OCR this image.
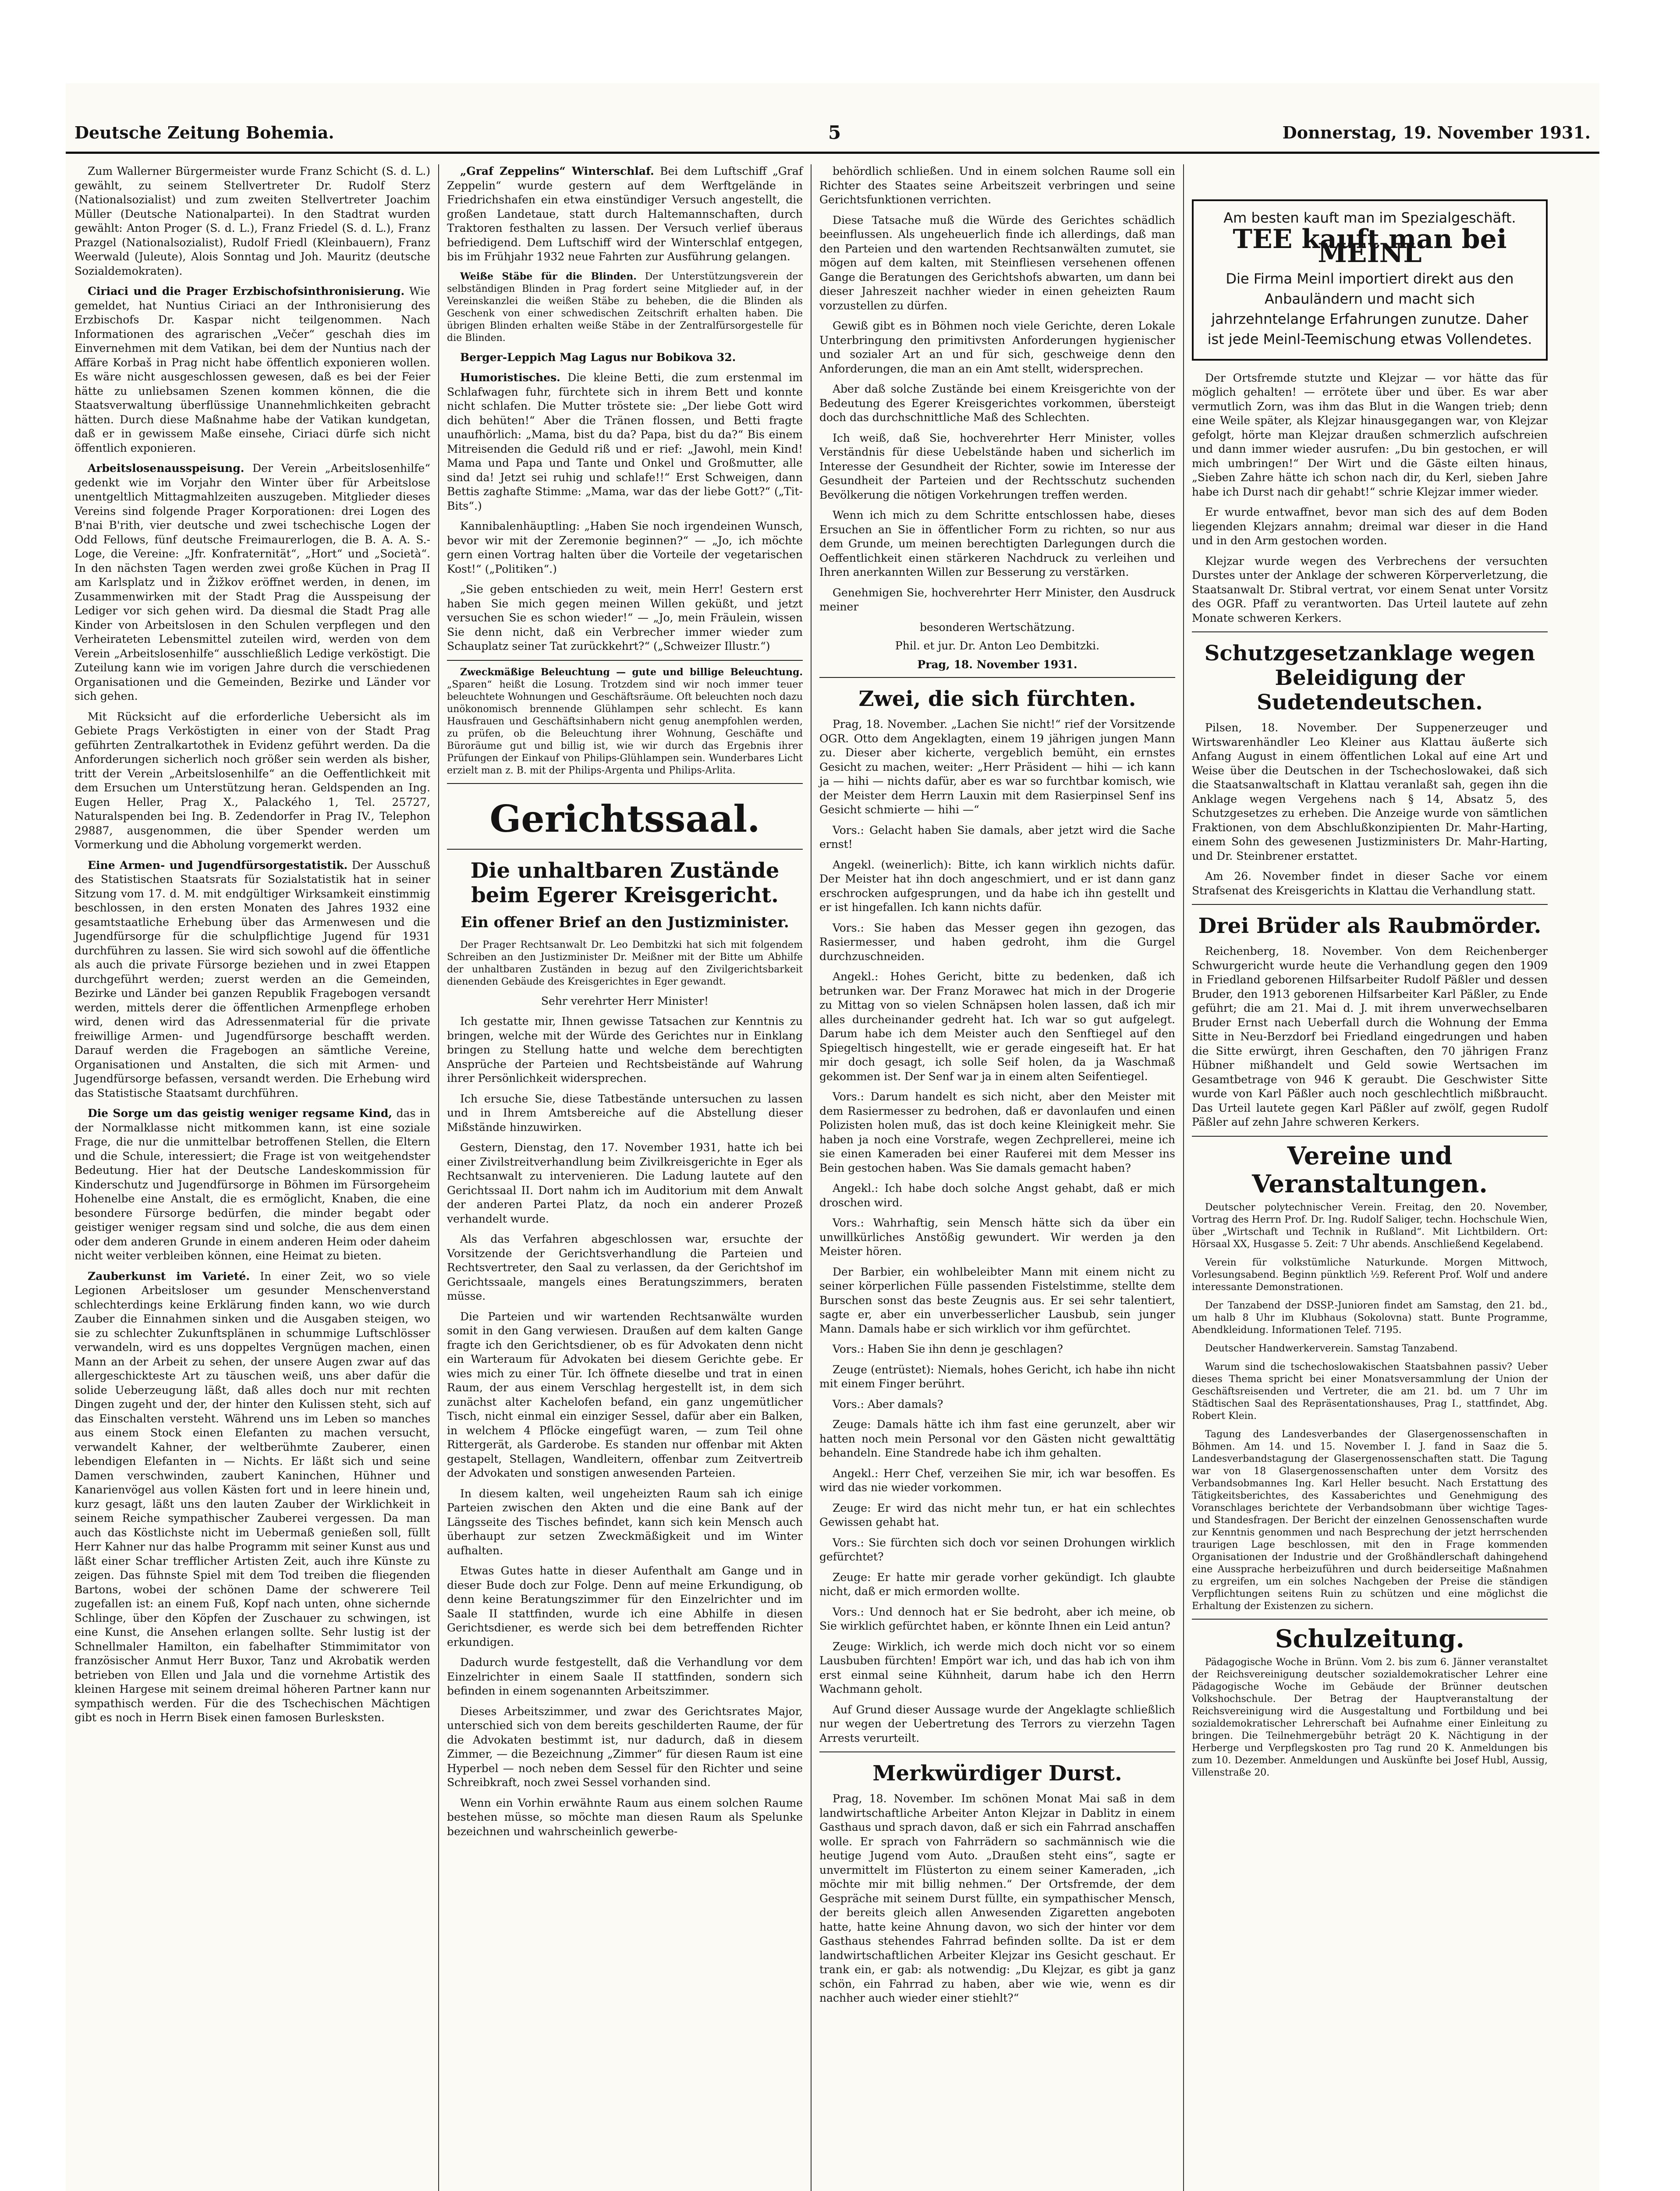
Deutsche Zeitung Bohemia.	5	Donnerstag, 19. November 1931.

Zum Wallerner Bürgermeister wurde Franz Schicht (S. d. L.) gewählt, zu seinem Stellvertreter Dr. Rudolf Sterz (Nationalsozialist) und zum zweiten Stellvertreter Joachim Müller (Deutsche Nationalpartei). In den Stadtrat wurden gewählt: Anton Proger (S. d. L.), Franz Friedel (S. d. L.), Franz Prazgel (Nationalsozialist), Rudolf Friedl (Kleinbauern), Franz Weerwald (Juleute), Alois Sonntag und Joh. Mauritz (deutsche Sozialdemokraten).

Ciriaci und die Prager Erzbischofsinthronisierung. Wie gemeldet, hat Nuntius Ciriaci an der Inthronisierung des Erzbischofs Dr. Kaspar nicht teilgenommen. Nach Informationen des agrarischen „Večer“ geschah dies im Einvernehmen mit dem Vatikan, bei dem der Nuntius nach der Affäre Korbaš in Prag nicht habe öffentlich exponieren wollen. Es wäre nicht ausgeschlossen gewesen, daß es bei der Feier hätte zu unliebsamen Szenen kommen können, die die Staatsverwaltung überflüssige Unannehmlichkeiten gebracht hätten. Durch diese Maßnahme habe der Vatikan kundgetan, daß er in gewissem Maße einsehe, Ciriaci dürfe sich nicht öffentlich exponieren.

Arbeitslosenausspeisung. Der Verein „Arbeitslosenhilfe“ gedenkt wie im Vorjahr den Winter über für Arbeitslose unentgeltlich Mittagmahlzeiten auszugeben. Mitglieder dieses Vereins sind folgende Prager Korporationen: drei Logen des B'nai B'rith, vier deutsche und zwei tschechische Logen der Odd Fellows, fünf deutsche Freimaurerlogen, die B. A. A. S.-Loge, die Vereine: „Jfr. Konfraternität“, „Hort“ und „Società“. In den nächsten Tagen werden zwei große Küchen in Prag II am Karlsplatz und in Žižkov eröffnet werden, in denen, im Zusammenwirken mit der Stadt Prag die Ausspeisung der Lediger vor sich gehen wird. Da diesmal die Stadt Prag alle Kinder von Arbeitslosen in den Schulen verpflegen und den Verheirateten Lebensmittel zuteilen wird, werden von dem Verein „Arbeitslosenhilfe“ ausschließlich Ledige verköstigt. Die Zuteilung kann wie im vorigen Jahre durch die verschiedenen Organisationen und die Gemeinden, Bezirke und Länder vor sich gehen.

Mit Rücksicht auf die erforderliche Uebersicht als im Gebiete Prags Verköstigten in einer von der Stadt Prag geführten Zentralkartothek in Evidenz geführt werden. Da die Anforderungen sicherlich noch größer sein werden als bisher, tritt der Verein „Arbeitslosenhilfe“ an die Oeffentlichkeit mit dem Ersuchen um Unterstützung heran. Geldspenden an Ing. Eugen Heller, Prag X., Palackého 1, Tel. 25727, Naturalspenden bei Ing. B. Zedendorfer in Prag IV., Telephon 29887, ausgenommen, die über Spender werden um Vormerkung und die Abholung vorgemerkt werden.

Eine Armen- und Jugendfürsorgestatistik. Der Ausschuß des Statistischen Staatsrats für Sozialstatistik hat in seiner Sitzung vom 17. d. M. mit endgültiger Wirksamkeit einstimmig beschlossen, in den ersten Monaten des Jahres 1932 eine gesamtstaatliche Erhebung über das Armenwesen und die Jugendfürsorge für die schulpflichtige Jugend für 1931 durchführen zu lassen. Sie wird sich sowohl auf die öffentliche als auch die private Fürsorge beziehen und in zwei Etappen durchgeführt werden; zuerst werden an die Gemeinden, Bezirke und Länder bei ganzen Republik Fragebogen versandt werden, mittels derer die öffentlichen Armenpflege erhoben wird, denen wird das Adressenmaterial für die private freiwillige Armen- und Jugendfürsorge beschafft werden. Darauf werden die Fragebogen an sämtliche Vereine, Organisationen und Anstalten, die sich mit Armen- und Jugendfürsorge befassen, versandt werden. Die Erhebung wird das Statistische Staatsamt durchführen.

Die Sorge um das geistig weniger regsame Kind, das in der Normalklasse nicht mitkommen kann, ist eine soziale Frage, die nur die unmittelbar betroffenen Stellen, die Eltern und die Schule, interessiert; die Frage ist von weitgehendster Bedeutung. Hier hat der Deutsche Landeskommission für Kinderschutz und Jugendfürsorge in Böhmen im Fürsorgeheim Hohenelbe eine Anstalt, die es ermöglicht, Knaben, die eine besondere Fürsorge bedürfen, die minder begabt oder geistiger weniger regsam sind und solche, die aus dem einen oder dem anderen Grunde in einem anderen Heim oder daheim nicht weiter verbleiben können, eine Heimat zu bieten.

Zauberkunst im Varieté. In einer Zeit, wo so viele Legionen Arbeitsloser um gesunder Menschenverstand schlechterdings keine Erklärung finden kann, wo wie durch Zauber die Einnahmen sinken und die Ausgaben steigen, wo sie zu schlechter Zukunftsplänen in schummige Luftschlösser verwandeln, wird es uns doppeltes Vergnügen machen, einen Mann an der Arbeit zu sehen, der unsere Augen zwar auf das allergeschickteste Art zu täuschen weiß, uns aber dafür die solide Ueberzeugung läßt, daß alles doch nur mit rechten Dingen zugeht und der, der hinter den Kulissen steht, sich auf das Einschalten versteht. Während uns im Leben so manches aus einem Stock einen Elefanten zu machen versucht, verwandelt Kahner, der weltberühmte Zauberer, einen lebendigen Elefanten in — Nichts. Er läßt sich und seine Damen verschwinden, zaubert Kaninchen, Hühner und Kanarienvögel aus vollen Kästen fort und in leere hinein und, kurz gesagt, läßt uns den lauten Zauber der Wirklichkeit in seinem Reiche sympathischer Zauberei vergessen. Da man auch das Köstlichste nicht im Uebermaß genießen soll, füllt Herr Kahner nur das halbe Programm mit seiner Kunst aus und läßt einer Schar trefflicher Artisten Zeit, auch ihre Künste zu zeigen. Das fühnste Spiel mit dem Tod treiben die fliegenden Bartons, wobei der schönen Dame der schwerere Teil zugefallen ist: an einem Fuß, Kopf nach unten, ohne sichernde Schlinge, über den Köpfen der Zuschauer zu schwingen, ist eine Kunst, die Ansehen erlangen sollte. Sehr lustig ist der Schnellmaler Hamilton, ein fabelhafter Stimmimitator von französischer Anmut Herr Buxor, Tanz und Akrobatik werden betrieben von Ellen und Jala und die vornehme Artistik des kleinen Hargese mit seinem dreimal höheren Partner kann nur sympathisch werden. Für die des Tschechischen Mächtigen gibt es noch in Herrn Bisek einen famosen Burlesksten.

„Graf Zeppelins“ Winterschlaf. Bei dem Luftschiff „Graf Zeppelin“ wurde gestern auf dem Werftgelände in Friedrichshafen ein etwa einstündiger Versuch angestellt, die großen Landetaue, statt durch Haltemannschaften, durch Traktoren festhalten zu lassen. Der Versuch verlief überaus befriedigend. Dem Luftschiff wird der Winterschlaf entgegen, bis im Frühjahr 1932 neue Fahrten zur Ausführung gelangen.

Weiße Stäbe für die Blinden. Der Unterstützungsverein der selbständigen Blinden in Prag fordert seine Mitglieder auf, in der Vereinskanzlei die weißen Stäbe zu beheben, die die Blinden als Geschenk von einer schwedischen Zeitschrift erhalten haben. Die übrigen Blinden erhalten weiße Stäbe in der Zentralfürsorgestelle für die Blinden.

Berger-Leppich Mag Lagus nur Bobikova 32.

Humoristisches. Die kleine Betti, die zum erstenmal im Schlafwagen fuhr, fürchtete sich in ihrem Bett und konnte nicht schlafen. Die Mutter tröstete sie: „Der liebe Gott wird dich behüten!“ Aber die Tränen flossen, und Betti fragte unaufhörlich: „Mama, bist du da? Papa, bist du da?“ Bis einem Mitreisenden die Geduld riß und er rief: „Jawohl, mein Kind! Mama und Papa und Tante und Onkel und Großmutter, alle sind da! Jetzt sei ruhig und schlafe!!“ Erst Schweigen, dann Bettis zaghafte Stimme: „Mama, war das der liebe Gott?“ („Tit-Bits“.)

Kannibalenhäuptling: „Haben Sie noch irgendeinen Wunsch, bevor wir mit der Zeremonie beginnen?“ — „Jo, ich möchte gern einen Vortrag halten über die Vorteile der vegetarischen Kost!“ („Politiken“.)

„Sie geben entschieden zu weit, mein Herr! Gestern erst haben Sie mich gegen meinen Willen geküßt, und jetzt versuchen Sie es schon wieder!“ — „Jo, mein Fräulein, wissen Sie denn nicht, daß ein Verbrecher immer wieder zum Schauplatz seiner Tat zurückkehrt?“ („Schweizer Illustr.“)

Zweckmäßige Beleuchtung — gute und billige Beleuchtung. „Sparen“ heißt die Losung. Trotzdem sind wir noch immer teuer beleuchtete Wohnungen und Geschäftsräume. Oft beleuchten noch dazu unökonomisch brennende Glühlampen sehr schlecht. Es kann Hausfrauen und Geschäftsinhabern nicht genug anempfohlen werden, zu prüfen, ob die Beleuchtung ihrer Wohnung, Geschäfte und Büroräume gut und billig ist, wie wir durch das Ergebnis ihrer Prüfungen der Einkauf von Philips-Glühlampen sein. Wunderbares Licht erzielt man z. B. mit der Philips-Argenta und Philips-Arlita.

Gerichtssaal.
Die unhaltbaren Zustände beim Egerer Kreisgericht.
Ein offener Brief an den Justizminister.

Der Prager Rechtsanwalt Dr. Leo Dembitzki hat sich mit folgendem Schreiben an den Justizminister Dr. Meißner mit der Bitte um Abhilfe der unhaltbaren Zuständen in bezug auf den Zivilgerichtsbarkeit dienenden Gebäude des Kreisgerichtes in Eger gewandt.

Sehr verehrter Herr Minister!

Ich gestatte mir, Ihnen gewisse Tatsachen zur Kenntnis zu bringen, welche mit der Würde des Gerichtes nur in Einklang bringen zu Stellung hatte und welche dem berechtigten Ansprüche der Parteien und Rechtsbeistände auf Wahrung ihrer Persönlichkeit widersprechen.

Ich ersuche Sie, diese Tatbestände untersuchen zu lassen und in Ihrem Amtsbereiche auf die Abstellung dieser Mißstände hinzuwirken.

Gestern, Dienstag, den 17. November 1931, hatte ich bei einer Zivilstreitverhandlung beim Zivilkreisgerichte in Eger als Rechtsanwalt zu intervenieren. Die Ladung lautete auf den Gerichtssaal II. Dort nahm ich im Auditorium mit dem Anwalt der anderen Partei Platz, da noch ein anderer Prozeß verhandelt wurde.

Als das Verfahren abgeschlossen war, ersuchte der Vorsitzende der Gerichtsverhandlung die Parteien und Rechtsvertreter, den Saal zu verlassen, da der Gerichtshof im Gerichtssaale, mangels eines Beratungszimmers, beraten müsse.

Die Parteien und wir wartenden Rechtsanwälte wurden somit in den Gang verwiesen. Draußen auf dem kalten Gange fragte ich den Gerichtsdiener, ob es für Advokaten denn nicht ein Warteraum für Advokaten bei diesem Gerichte gebe. Er wies mich zu einer Tür. Ich öffnete dieselbe und trat in einen Raum, der aus einem Verschlag hergestellt ist, in dem sich zunächst alter Kachelofen befand, ein ganz ungemütlicher Tisch, nicht einmal ein einziger Sessel, dafür aber ein Balken, in welchem 4 Pflöcke eingefügt waren, — zum Teil ohne Rittergerät, als Garderobe. Es standen nur offenbar mit Akten gestapelt, Stellagen, Wandleitern, offenbar zum Zeitvertreib der Advokaten und sonstigen anwesenden Parteien.

In diesem kalten, weil ungeheizten Raum sah ich einige Parteien zwischen den Akten und die eine Bank auf der Längsseite des Tisches befindet, kann sich kein Mensch auch überhaupt zur setzen Zweckmäßigkeit und im Winter aufhalten.

Etwas Gutes hatte in dieser Aufenthalt am Gange und in dieser Bude doch zur Folge. Denn auf meine Erkundigung, ob denn keine Beratungszimmer für den Einzelrichter und im Saale II stattfinden, wurde ich eine Abhilfe in diesen Gerichtsdiener, es werde sich bei dem betreffenden Richter erkundigen.

Dadurch wurde festgestellt, daß die Verhandlung vor dem Einzelrichter in einem Saale II stattfinden, sondern sich befinden in einem sogenannten Arbeitszimmer.

Dieses Arbeitszimmer, und zwar des Gerichtsrates Major, unterschied sich von dem bereits geschilderten Raume, der für die Advokaten bestimmt ist, nur dadurch, daß in diesem Zimmer, — die Bezeichnung „Zimmer“ für diesen Raum ist eine Hyperbel — noch neben dem Sessel für den Richter und seine Schreibkraft, noch zwei Sessel vorhanden sind.

Wenn ein Vorhin erwähnte Raum aus einem solchen Raume bestehen müsse, so möchte man diesen Raum als Spelunke bezeichnen und wahrscheinlich gewerbe-

behördlich schließen. Und in einem solchen Raume soll ein Richter des Staates seine Arbeitszeit verbringen und seine Gerichtsfunktionen verrichten.

Diese Tatsache muß die Würde des Gerichtes schädlich beeinflussen. Als ungeheuerlich finde ich allerdings, daß man den Parteien und den wartenden Rechtsanwälten zumutet, sie mögen auf dem kalten, mit Steinfliesen versehenen offenen Gange die Beratungen des Gerichtshofs abwarten, um dann bei dieser Jahreszeit nachher wieder in einen geheizten Raum vorzustellen zu dürfen.

Gewiß gibt es in Böhmen noch viele Gerichte, deren Lokale Unterbringung den primitivsten Anforderungen hygienischer und sozialer Art an und für sich, geschweige denn den Anforderungen, die man an ein Amt stellt, widersprechen.

Aber daß solche Zustände bei einem Kreisgerichte von der Bedeutung des Egerer Kreisgerichtes vorkommen, übersteigt doch das durchschnittliche Maß des Schlechten.

Ich weiß, daß Sie, hochverehrter Herr Minister, volles Verständnis für diese Uebelstände haben und sicherlich im Interesse der Gesundheit der Richter, sowie im Interesse der Gesundheit der Parteien und der Rechtsschutz suchenden Bevölkerung die nötigen Vorkehrungen treffen werden.

Wenn ich mich zu dem Schritte entschlossen habe, dieses Ersuchen an Sie in öffentlicher Form zu richten, so nur aus dem Grunde, um meinen berechtigten Darlegungen durch die Oeffentlichkeit einen stärkeren Nachdruck zu verleihen und Ihren anerkannten Willen zur Besserung zu verstärken.

Genehmigen Sie, hochverehrter Herr Minister, den Ausdruck meiner

besonderen Wertschätzung.

Phil. et jur. Dr. Anton Leo Dembitzki.

Prag, 18. November 1931.

Zwei, die sich fürchten.

Prag, 18. November. „Lachen Sie nicht!“ rief der Vorsitzende OGR. Otto dem Angeklagten, einem 19 jährigen jungen Mann zu. Dieser aber kicherte, vergeblich bemüht, ein ernstes Gesicht zu machen, weiter: „Herr Präsident — hihi — ich kann ja — hihi — nichts dafür, aber es war so furchtbar komisch, wie der Meister dem Herrn Lauxin mit dem Rasierpinsel Senf ins Gesicht schmierte — hihi —“

Vors.: Gelacht haben Sie damals, aber jetzt wird die Sache ernst!

Angekl. (weinerlich): Bitte, ich kann wirklich nichts dafür. Der Meister hat ihn doch angeschmiert, und er ist dann ganz erschrocken aufgesprungen, und da habe ich ihn gestellt und er ist hingefallen. Ich kann nichts dafür.

Vors.: Sie haben das Messer gegen ihn gezogen, das Rasiermesser, und haben gedroht, ihm die Gurgel durchzuschneiden.

Angekl.: Hohes Gericht, bitte zu bedenken, daß ich betrunken war. Der Franz Morawec hat mich in der Drogerie zu Mittag von so vielen Schnäpsen holen lassen, daß ich mir alles durcheinander gedreht hat. Ich war so gut aufgelegt. Darum habe ich dem Meister auch den Senftiegel auf den Spiegeltisch hingestellt, wie er gerade eingeseift hat. Er hat mir doch gesagt, ich solle Seif holen, da ja Waschmaß gekommen ist. Der Senf war ja in einem alten Seifentiegel.

Vors.: Darum handelt es sich nicht, aber den Meister mit dem Rasiermesser zu bedrohen, daß er davonlaufen und einen Polizisten holen muß, das ist doch keine Kleinigkeit mehr. Sie haben ja noch eine Vorstrafe, wegen Zechprellerei, meine ich sie einen Kameraden bei einer Rauferei mit dem Messer ins Bein gestochen haben. Was Sie damals gemacht haben?

Angekl.: Ich habe doch solche Angst gehabt, daß er mich droschen wird.

Vors.: Wahrhaftig, sein Mensch hätte sich da über ein unwillkürliches Anstößig gewundert. Wir werden ja den Meister hören.

Der Barbier, ein wohlbeleibter Mann mit einem nicht zu seiner körperlichen Fülle passenden Fistelstimme, stellte dem Burschen sonst das beste Zeugnis aus. Er sei sehr talentiert, sagte er, aber ein unverbesserlicher Lausbub, sein junger Mann. Damals habe er sich wirklich vor ihm gefürchtet.

Vors.: Haben Sie ihn denn je geschlagen?

Zeuge (entrüstet): Niemals, hohes Gericht, ich habe ihn nicht mit einem Finger berührt.

Vors.: Aber damals?

Zeuge: Damals hätte ich ihm fast eine gerunzelt, aber wir hatten noch mein Personal vor den Gästen nicht gewalttätig behandeln. Eine Standrede habe ich ihm gehalten.

Angekl.: Herr Chef, verzeihen Sie mir, ich war besoffen. Es wird das nie wieder vorkommen.

Zeuge: Er wird das nicht mehr tun, er hat ein schlechtes Gewissen gehabt hat.

Vors.: Sie fürchten sich doch vor seinen Drohungen wirklich gefürchtet?

Zeuge: Er hatte mir gerade vorher gekündigt. Ich glaubte nicht, daß er mich ermorden wollte.

Vors.: Und dennoch hat er Sie bedroht, aber ich meine, ob Sie wirklich gefürchtet haben, er könnte Ihnen ein Leid antun?

Zeuge: Wirklich, ich werde mich doch nicht vor so einem Lausbuben fürchten! Empört war ich, und das hab ich von ihm erst einmal seine Kühnheit, darum habe ich den Herrn Wachmann geholt.

Auf Grund dieser Aussage wurde der Angeklagte schließlich nur wegen der Uebertretung des Terrors zu vierzehn Tagen Arrests verurteilt.

Merkwürdiger Durst.

Prag, 18. November. Im schönen Monat Mai saß in dem landwirtschaftliche Arbeiter Anton Klejzar in Dablitz in einem Gasthaus und sprach davon, daß er sich ein Fahrrad anschaffen wolle. Er sprach von Fahrrädern so sachmännisch wie die heutige Jugend vom Auto. „Draußen steht eins“, sagte er unvermittelt im Flüsterton zu einem seiner Kameraden, „ich möchte mir mit billig nehmen.“ Der Ortsfremde, der dem Gespräche mit seinem Durst füllte, ein sympathischer Mensch, der bereits gleich allen Anwesenden Zigaretten angeboten hatte, hatte keine Ahnung davon, wo sich der hinter vor dem Gasthaus stehendes Fahrrad befinden sollte. Da ist er dem landwirtschaftlichen Arbeiter Klejzar ins Gesicht geschaut. Er trank ein, er gab: als notwendig: „Du Klejzar, es gibt ja ganz schön, ein Fahrrad zu haben, aber wie wie, wenn es dir nachher auch wieder einer stiehlt?“

Am besten kauft man im Spezialgeschäft.
TEE kauft man bei MEINL
Die Firma Meinl importiert direkt aus den Anbauländern und macht sich jahrzehntelange Erfahrungen zunutze. Daher ist jede Meinl-Teemischung etwas Vollendetes.

Der Ortsfremde stutzte und Klejzar — vor hätte das für möglich gehalten! — errötete über und über. Es war aber vermutlich Zorn, was ihm das Blut in die Wangen trieb; denn eine Weile später, als Klejzar hinausgegangen war, von Klejzar gefolgt, hörte man Klejzar draußen schmerzlich aufschreien und dann immer wieder ausrufen: „Du bin gestochen, er will mich umbringen!“ Der Wirt und die Gäste eilten hinaus, „Sieben Zahre hätte ich schon nach dir, du Kerl, sieben Jahre habe ich Durst nach dir gehabt!“ schrie Klejzar immer wieder.

Er wurde entwaffnet, bevor man sich des auf dem Boden liegenden Klejzars annahm; dreimal war dieser in die Hand und in den Arm gestochen worden.

Klejzar wurde wegen des Verbrechens der versuchten Durstes unter der Anklage der schweren Körperverletzung, die Staatsanwalt Dr. Stibral vertrat, vor einem Senat unter Vorsitz des OGR. Pfaff zu verantworten. Das Urteil lautete auf zehn Monate schweren Kerkers.

Schutzgesetzanklage wegen Beleidigung der Sudetendeutschen.

Pilsen, 18. November. Der Suppenerzeuger und Wirtswarenhändler Leo Kleiner aus Klattau äußerte sich Anfang August in einem öffentlichen Lokal auf eine Art und Weise über die Deutschen in der Tschechoslowakei, daß sich die Staatsanwaltschaft in Klattau veranlaßt sah, gegen ihn die Anklage wegen Vergehens nach § 14, Absatz 5, des Schutzgesetzes zu erheben. Die Anzeige wurde von sämtlichen Fraktionen, von dem Abschlußkonzipienten Dr. Mahr-Harting, einem Sohn des gewesenen Justizministers Dr. Mahr-Harting, und Dr. Steinbrener erstattet.

Am 26. November findet in dieser Sache vor einem Strafsenat des Kreisgerichts in Klattau die Verhandlung statt.

Drei Brüder als Raubmörder.

Reichenberg, 18. November. Von dem Reichenberger Schwurgericht wurde heute die Verhandlung gegen den 1909 in Friedland geborenen Hilfsarbeiter Rudolf Päßler und dessen Bruder, den 1913 geborenen Hilfsarbeiter Karl Päßler, zu Ende geführt; die am 21. Mai d. J. mit ihrem unverwechselbaren Bruder Ernst nach Ueberfall durch die Wohnung der Emma Sitte in Neu-Berzdorf bei Friedland eingedrungen und haben die Sitte erwürgt, ihren Geschaften, den 70 jährigen Franz Hübner mißhandelt und Geld sowie Wertsachen im Gesamtbetrage von 946 K geraubt. Die Geschwister Sitte wurde von Karl Päßler auch noch geschlechtlich mißbraucht. Das Urteil lautete gegen Karl Päßler auf zwölf, gegen Rudolf Päßler auf zehn Jahre schweren Kerkers.

Vereine und Veranstaltungen.

Deutscher polytechnischer Verein. Freitag, den 20. November, Vortrag des Herrn Prof. Dr. Ing. Rudolf Saliger, techn. Hochschule Wien, über „Wirtschaft und Technik in Rußland“. Mit Lichtbildern. Ort: Hörsaal XX, Husgasse 5. Zeit: 7 Uhr abends. Anschließend Kegelabend.

Verein für volkstümliche Naturkunde. Morgen Mittwoch, Vorlesungsabend. Beginn pünktlich ½9. Referent Prof. Wolf und andere interessante Demonstrationen.

Der Tanzabend der DSSP.-Junioren findet am Samstag, den 21. bd., um halb 8 Uhr im Klubhaus (Sokolovna) statt. Bunte Programme, Abendkleidung. Informationen Telef. 7195.

Deutscher Handwerkerverein. Samstag Tanzabend.

Warum sind die tschechoslowakischen Staatsbahnen passiv? Ueber dieses Thema spricht bei einer Monatsversammlung der Union der Geschäftsreisenden und Vertreter, die am 21. bd. um 7 Uhr im Städtischen Saal des Repräsentationshauses, Prag I., stattfindet, Abg. Robert Klein.

Tagung des Landesverbandes der Glasergenossenschaften in Böhmen. Am 14. und 15. November I. J. fand in Saaz die 5. Landesverbandstagung der Glasergenossenschaften statt. Die Tagung war von 18 Glasergenossenschaften unter dem Vorsitz des Verbandsobmannes Ing. Karl Heller besucht. Nach Erstattung des Tätigkeitsberichtes, des Kassaberichtes und Genehmigung des Voranschlages berichtete der Verbandsobmann über wichtige Tages- und Standesfragen. Der Bericht der einzelnen Genossenschaften wurde zur Kenntnis genommen und nach Besprechung der jetzt herrschenden traurigen Lage beschlossen, mit den in Frage kommenden Organisationen der Industrie und der Großhändlerschaft dahingehend eine Aussprache herbeizuführen und durch beiderseitige Maßnahmen zu ergreifen, um ein solches Nachgeben der Preise die ständigen Verpflichtungen seitens Ruin zu schützen und eine möglichst die Erhaltung der Existenzen zu sichern.

Schulzeitung.

Pädagogische Woche in Brünn. Vom 2. bis zum 6. Jänner veranstaltet der Reichsvereinigung deutscher sozialdemokratischer Lehrer eine Pädagogische Woche im Gebäude der Brünner deutschen Volkshochschule. Der Betrag der Hauptveranstaltung der Reichsvereinigung wird die Ausgestaltung und Fortbildung und bei sozialdemokratischer Lehrerschaft bei Aufnahme einer Einleitung zu bringen. Die Teilnehmergebühr beträgt 20 K. Nächtigung in der Herberge und Verpflegskosten pro Tag rund 20 K. Anmeldungen bis zum 10. Dezember. Anmeldungen und Auskünfte bei Josef Hubl, Aussig, Villenstraße 20.
